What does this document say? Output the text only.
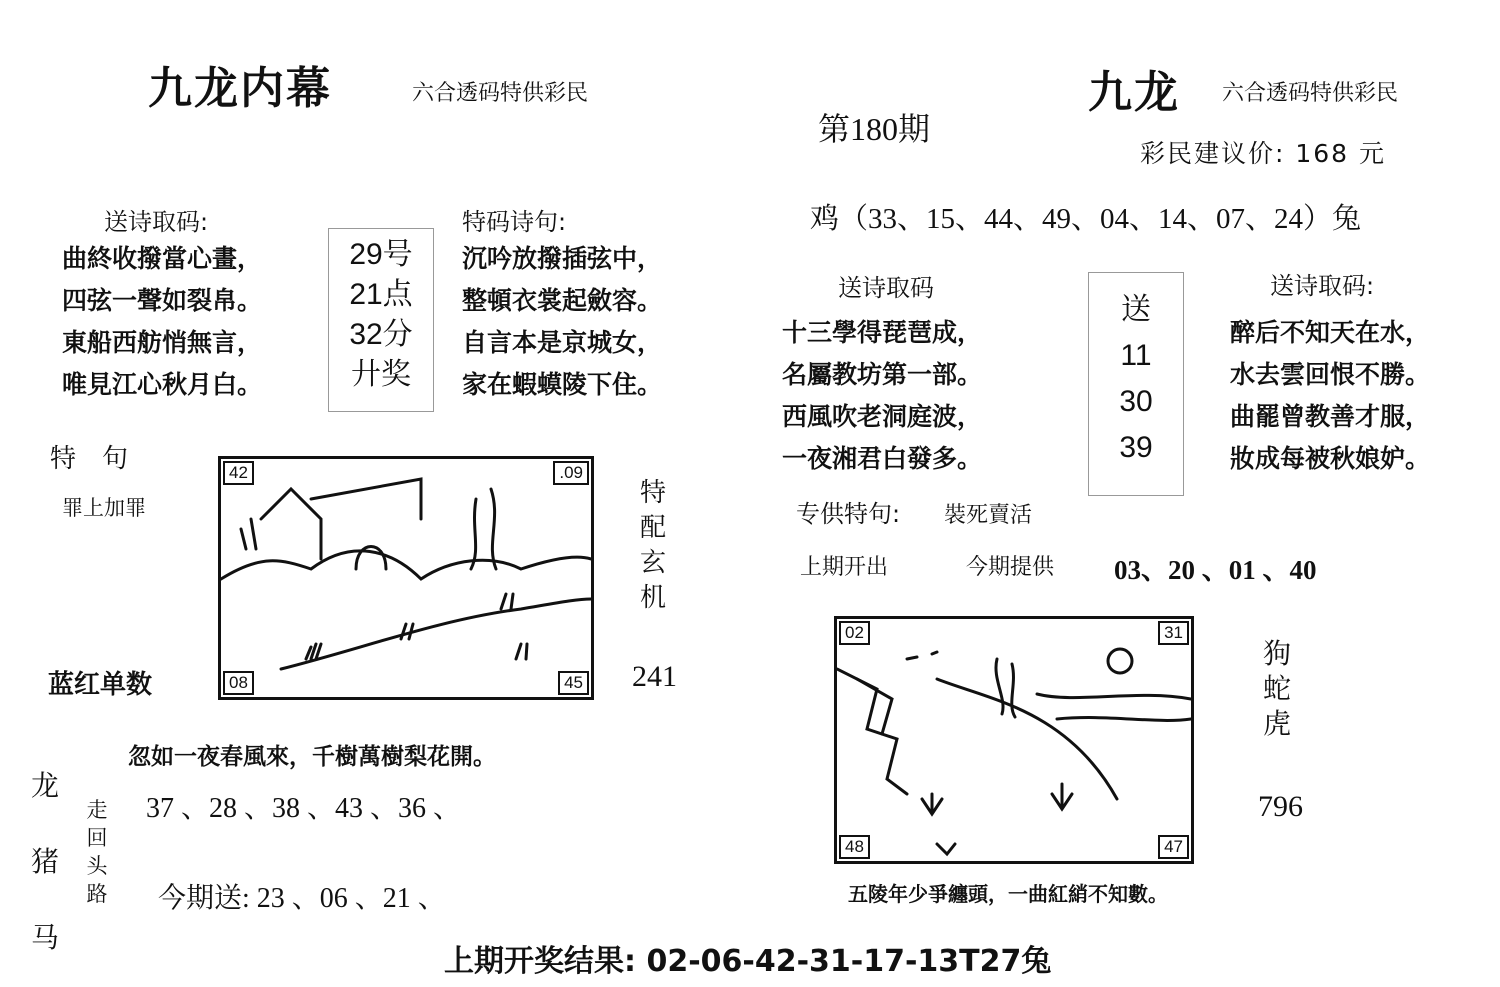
九龙内幕	六合透码特供彩民
送诗取码:
曲終收撥當心畫，
四弦一聲如裂帛。
東船西舫悄無言，
唯見江心秋月白。
29号
21点
32分
廾奖
特码诗句:
沉吟放撥插弦中，
整頓衣裳起斂容。
自言本是京城女，
家在蝦蟆陵下住。
特　句
罪上加罪
蓝红单数
42	.09
08	45
特
配
玄
机
241
忽如一夜春風來，千樹萬樹梨花開。
龙
猪
马
走
回
头
路
37 、28 、38 、43 、36 、
今期送: 23 、06 、21 、
九龙 六合透码特供彩民
第180期
彩民建议价: 168 元
鸡（33、15、44、49、04、14、07、24）兔
送诗取码
十三學得琵琶成，
名屬教坊第一部。
西風吹老洞庭波，
一夜湘君白發多。
送
11
30
39
送诗取码:
醉后不知天在水，
水去雲回恨不勝。
曲罷曾教善才服，
妝成每被秋娘妒。
专供特句: 裝死賣活
上期开出	今期提供 03、20 、01 、40
02	31
48	47
狗
蛇
虎
796
五陵年少爭纏頭，一曲紅綃不知數。
上期开奖结果: 02-06-42-31-17-13T27兔
